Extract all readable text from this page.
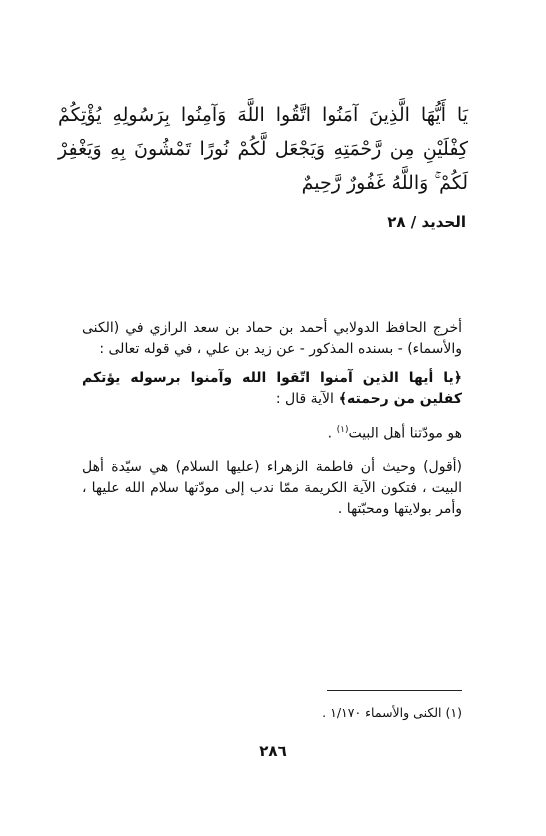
يَا أَيُّهَا الَّذِينَ آمَنُوا اتَّقُوا اللَّهَ وَآمِنُوا بِرَسُولِهِ يُؤْتِكُمْ كِفْلَيْنِ مِن رَّحْمَتِهِ وَيَجْعَل لَّكُمْ نُورًا تَمْشُونَ بِهِ وَيَغْفِرْ لَكُمْ ۚ وَاللَّهُ غَفُورٌ رَّحِيمٌ
الحديد / ٢٨

أخرج الحافظ الدولابي أحمد بن حماد بن سعد الرازي في (الكنى والأسماء) - بسنده المذكور - عن زيد بن علي ، في قوله تعالى :

﴿يا أيها الذين آمنوا اتّقوا الله وآمنوا برسوله يؤتكم كفلين من رحمته﴾ الآية قال :

هو مودّتنا أهل البيت$^{(١)}$ .

(أقول) وحيث أن فاطمة الزهراء (عليها السلام) هي سيّدة أهل البيت ، فتكون الآية الكريمة ممّا ندب إلى مودّتها سلام الله عليها ، وأمر بولايتها ومحبّتها .

(١) الكنى والأسماء ١/١٧٠ .
٢٨٦
